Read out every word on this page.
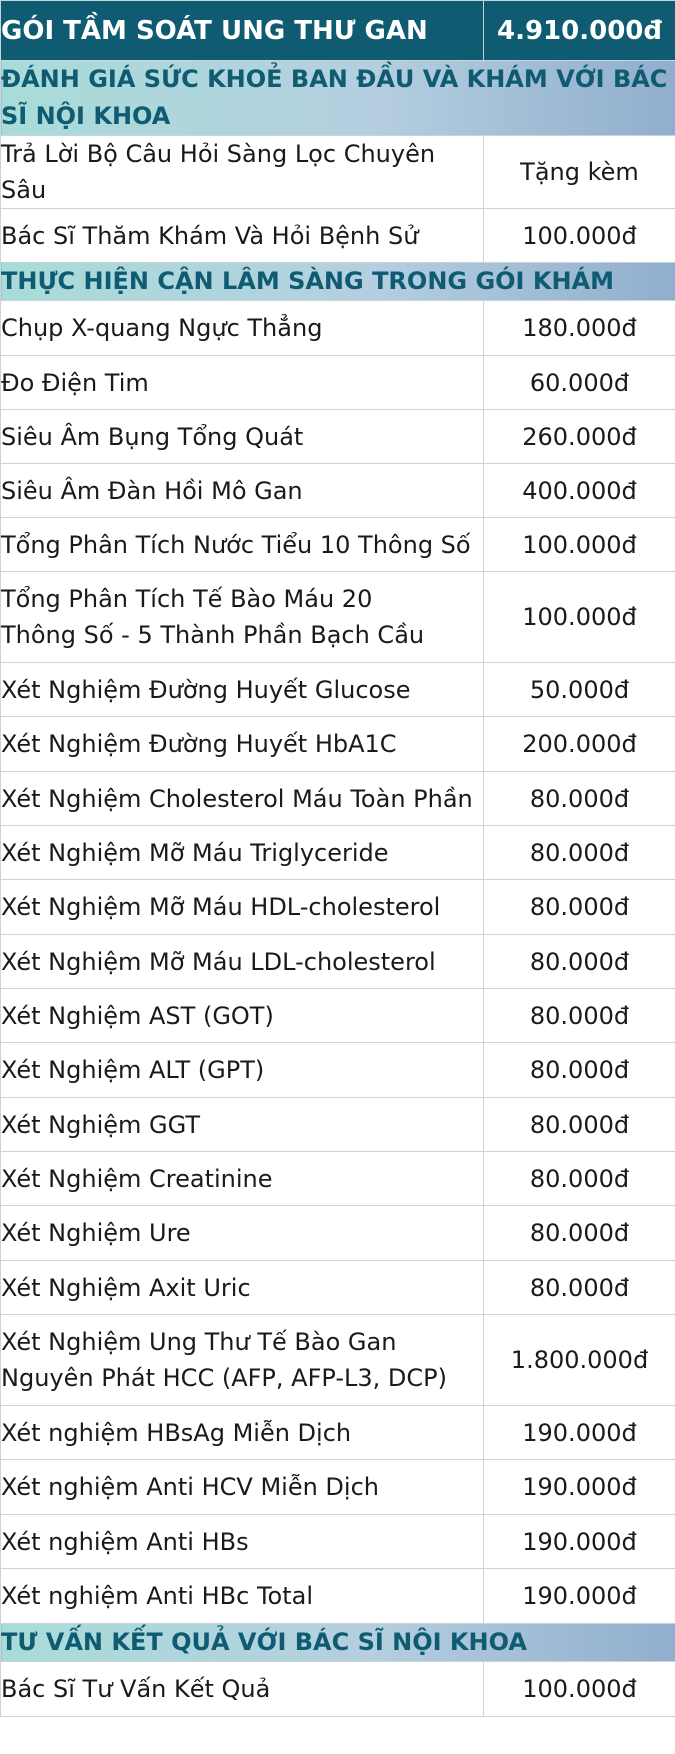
GÓI TẦM SOÁT UNG THƯ GAN	4.910.000đ
ĐÁNH GIÁ SỨC KHOẺ BAN ĐẦU VÀ KHÁM VỚI BÁC SĨ NỘI KHOA	
Trả Lời Bộ Câu Hỏi Sàng Lọc Chuyên Sâu	Tặng kèm
Bác Sĩ Thăm Khám Và Hỏi Bệnh Sử	100.000đ
THỰC HIỆN CẬN LÂM SÀNG TRONG GÓI KHÁM	
Chụp X-quang Ngực Thẳng	180.000đ
Đo Điện Tim	60.000đ
Siêu Âm Bụng Tổng Quát	260.000đ
Siêu Âm Đàn Hồi Mô Gan	400.000đ
Tổng Phân Tích Nước Tiểu 10 Thông Số	100.000đ
Tổng Phân Tích Tế Bào Máu 20
Thông Số - 5 Thành Phần Bạch Cầu	100.000đ
Xét Nghiệm Đường Huyết Glucose	50.000đ
Xét Nghiệm Đường Huyết HbA1C	200.000đ
Xét Nghiệm Cholesterol Máu Toàn Phần	80.000đ
Xét Nghiệm Mỡ Máu Triglyceride	80.000đ
Xét Nghiệm Mỡ Máu HDL-cholesterol	80.000đ
Xét Nghiệm Mỡ Máu LDL-cholesterol	80.000đ
Xét Nghiệm AST (GOT)	80.000đ
Xét Nghiệm ALT (GPT)	80.000đ
Xét Nghiệm GGT	80.000đ
Xét Nghiệm Creatinine	80.000đ
Xét Nghiệm Ure	80.000đ
Xét Nghiệm Axit Uric	80.000đ
Xét Nghiệm Ung Thư Tế Bào Gan
Nguyên Phát HCC (AFP, AFP-L3, DCP)	1.800.000đ
Xét nghiệm HBsAg Miễn Dịch	190.000đ
Xét nghiệm Anti HCV Miễn Dịch	190.000đ
Xét nghiệm Anti HBs	190.000đ
Xét nghiệm Anti HBc Total	190.000đ
TƯ VẤN KẾT QUẢ VỚI BÁC SĨ NỘI KHOA	
Bác Sĩ Tư Vấn Kết Quả	100.000đ
